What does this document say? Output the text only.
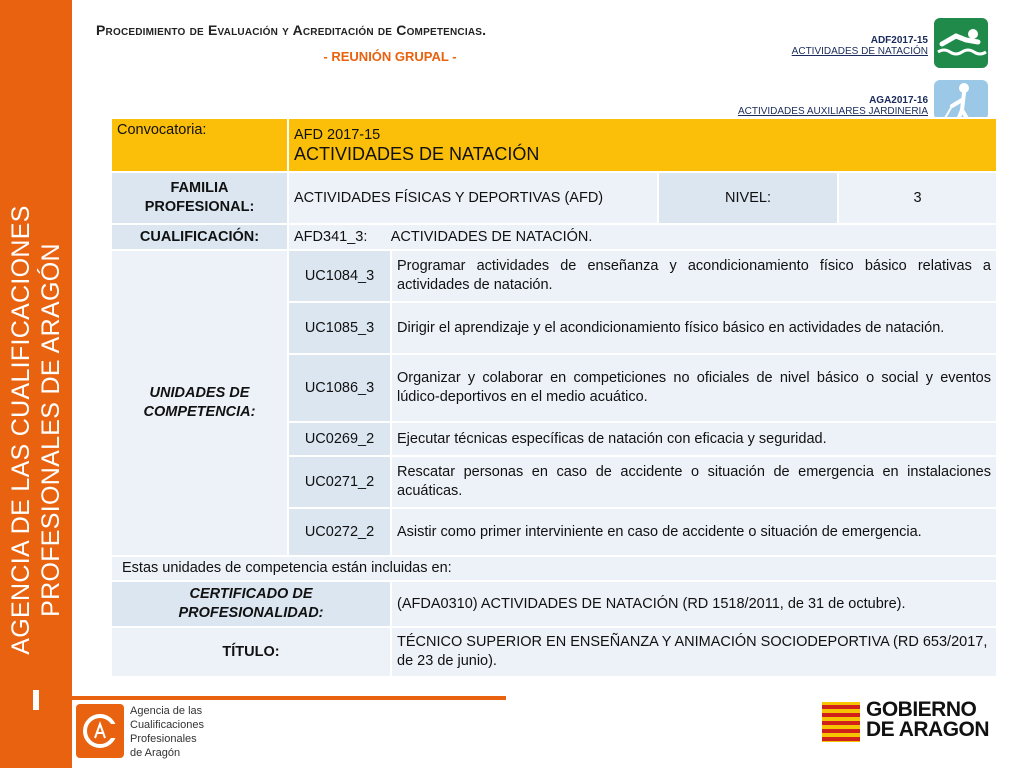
AGENCIA DE LAS CUALIFICACIONES PROFESIONALES DE ARAGÓN
Procedimiento de Evaluación y Acreditación de Competencias.
- REUNIÓN GRUPAL -
ADF2017-15
ACTIVIDADES DE NATACIÓN
AGA2017-16
ACTIVIDADES AUXILIARES JARDINERIA
Convocatoria:	AFD 2017-15
ACTIVIDADES DE NATACIÓN			

FAMILIA PROFESIONAL:	ACTIVIDADES FÍSICAS Y DEPORTIVAS (AFD)		NIVEL:	3
CUALIFICACIÓN:	AFD341_3:      ACTIVIDADES DE NATACIÓN.			
UNIDADES DE COMPETENCIA:	UC1084_3	Programar actividades de enseñanza y acondicionamiento físico básico relativas a actividades de natación.		
	UC1085_3	Dirigir el aprendizaje y el acondicionamiento físico básico en actividades de natación.		
	UC1086_3	Organizar y colaborar en competiciones no oficiales de nivel básico o social y eventos lúdico-deportivos en el medio acuático.		
	UC0269_2	Ejecutar técnicas específicas de natación con eficacia y seguridad.		
	UC0271_2	Rescatar personas en caso de accidente o situación de emergencia en instalaciones acuáticas.		
	UC0272_2	Asistir como primer interviniente en caso de accidente o situación de emergencia.		
Estas unidades de competencia están incluidas en:				
CERTIFICADO DE PROFESIONALIDAD:		(AFDA0310) ACTIVIDADES DE NATACIÓN (RD 1518/2011, de 31 de octubre).		
TÍTULO:		TÉCNICO SUPERIOR EN ENSEÑANZA Y ANIMACIÓN SOCIODEPORTIVA (RD 653/2017, de 23 de junio).		
Agencia de las
Cualificaciones
Profesionales
de Aragón
GOBIERNO
DE ARAGON
